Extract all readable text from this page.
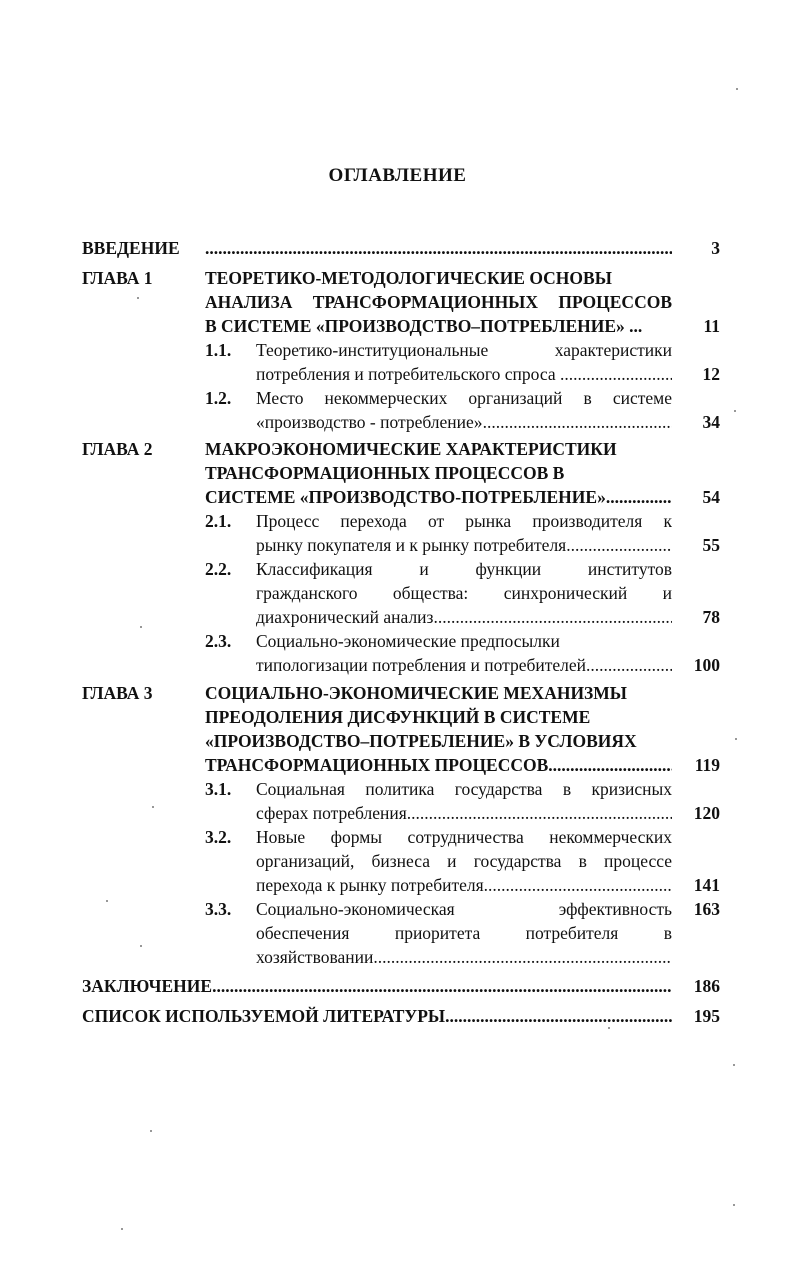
ОГЛАВЛЕНИЕ
ВВЕДЕНИЕ .....	3
ГЛАВА 1	ТЕОРЕТИКО-МЕТОДОЛОГИЧЕСКИЕ ОСНОВЫ
АНАЛИЗА ТРАНСФОРМАЦИОННЫХ ПРОЦЕССОВ
В СИСТЕМЕ «ПРОИЗВОДСТВО–ПОТРЕБЛЕНИЕ» ...	11
1.1. Теоретико-институциональные характеристики
потребления и потребительского спроса .. .....	12
1.2. Место некоммерческих организаций в системе
«производство - потребление» .....	34
ГЛАВА 2	МАКРОЭКОНОМИЧЕСКИЕ ХАРАКТЕРИСТИКИ
ТРАНСФОРМАЦИОННЫХ ПРОЦЕССОВ В
СИСТЕМЕ «ПРОИЗВОДСТВО-ПОТРЕБЛЕНИЕ» .....	54
2.1. Процесс перехода от рынка производителя к
рынку покупателя и к рынку потребителя .....	55
2.2. Классификация и функции институтов
гражданского общества: синхронический и
диахронический анализ .....	78
2.3. Социально-экономические предпосылки
типологизации потребления и потребителей .....	100
ГЛАВА 3	СОЦИАЛЬНО-ЭКОНОМИЧЕСКИЕ МЕХАНИЗМЫ
ПРЕОДОЛЕНИЯ ДИСФУНКЦИЙ В СИСТЕМЕ
«ПРОИЗВОДСТВО–ПОТРЕБЛЕНИЕ» В УСЛОВИЯХ
ТРАНСФОРМАЦИОННЫХ ПРОЦЕССОВ .....	119
3.1. Социальная политика государства в кризисных
сферах потребления .....	120
3.2. Новые формы сотрудничества некоммерческих
организаций, бизнеса и государства в процессе
перехода к рынку потребителя .....	141
3.3. Социально-экономическая эффективность	163
обеспечения приоритета потребителя в
хозяйствовании
.....
ЗАКЛЮЧЕНИЕ .....	186
СПИСОК ИСПОЛЬЗУЕМОЙ ЛИТЕРАТУРЫ .....	195
